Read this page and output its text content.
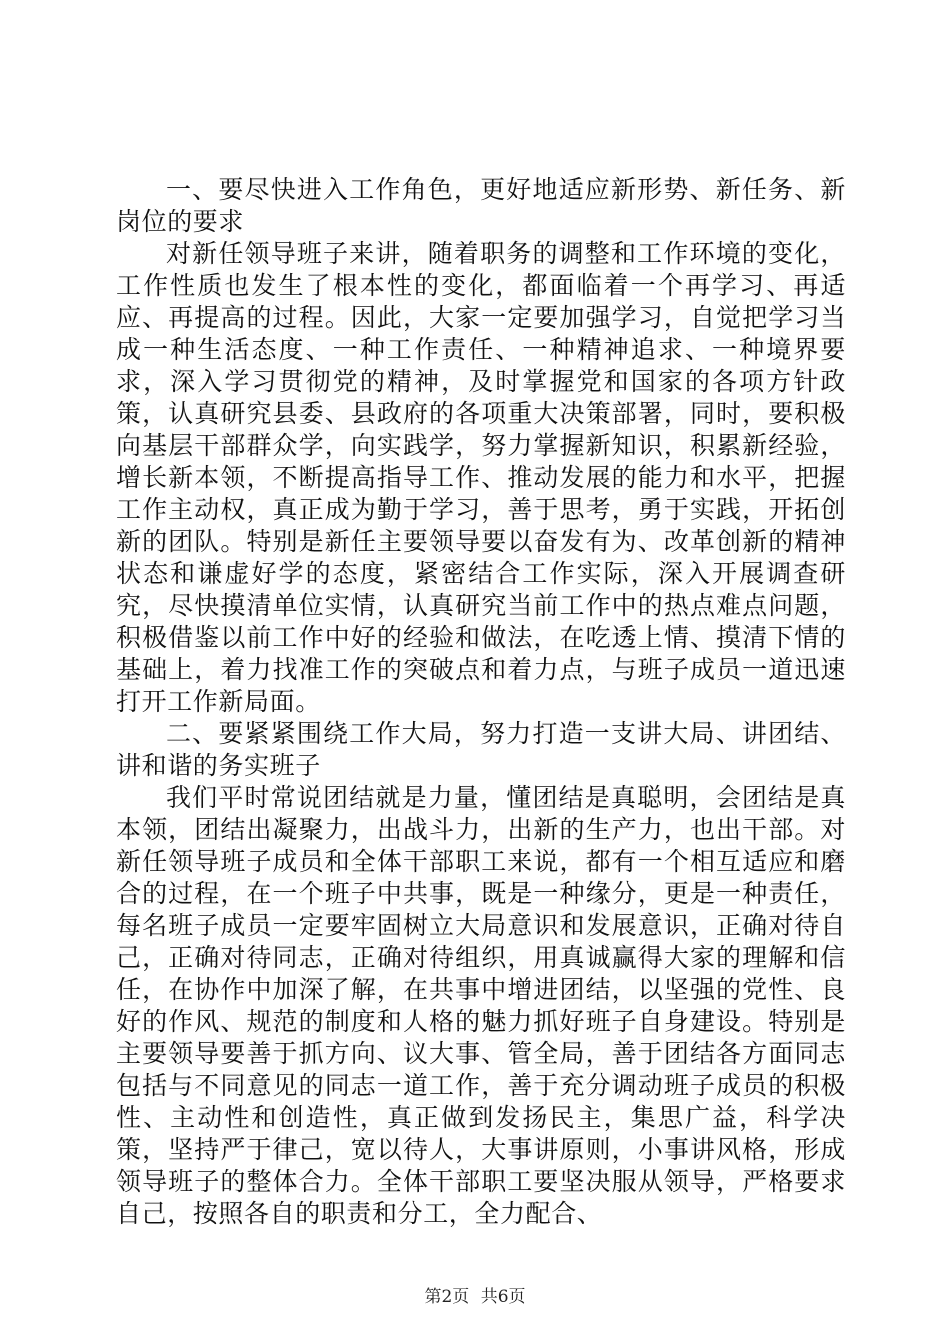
一、要尽快进入工作角色，更好地适应新形势、新任务、新岗位的要求

对新任领导班子来讲，随着职务的调整和工作环境的变化，工作性质也发生了根本性的变化，都面临着一个再学习、再适应、再提高的过程。因此，大家一定要加强学习，自觉把学习当成一种生活态度、一种工作责任、一种精神追求、一种境界要求，深入学习贯彻党的精神，及时掌握党和国家的各项方针政策，认真研究县委、县政府的各项重大决策部署，同时，要积极向基层干部群众学，向实践学，努力掌握新知识，积累新经验，增长新本领，不断提高指导工作、推动发展的能力和水平，把握工作主动权，真正成为勤于学习，善于思考，勇于实践，开拓创新的团队。特别是新任主要领导要以奋发有为、改革创新的精神状态和谦虚好学的态度，紧密结合工作实际，深入开展调查研究，尽快摸清单位实情，认真研究当前工作中的热点难点问题，积极借鉴以前工作中好的经验和做法，在吃透上情、摸清下情的基础上，着力找准工作的突破点和着力点，与班子成员一道迅速打开工作新局面。

二、要紧紧围绕工作大局，努力打造一支讲大局、讲团结、讲和谐的务实班子

我们平时常说团结就是力量，懂团结是真聪明，会团结是真本领，团结出凝聚力，出战斗力，出新的生产力，也出干部。对新任领导班子成员和全体干部职工来说，都有一个相互适应和磨合的过程，在一个班子中共事，既是一种缘分，更是一种责任，每名班子成员一定要牢固树立大局意识和发展意识，正确对待自己，正确对待同志，正确对待组织，用真诚赢得大家的理解和信任，在协作中加深了解，在共事中增进团结，以坚强的党性、良好的作风、规范的制度和人格的魅力抓好班子自身建设。特别是主要领导要善于抓方向、议大事、管全局，善于团结各方面同志包括与不同意见的同志一道工作，善于充分调动班子成员的积极性、主动性和创造性，真正做到发扬民主，集思广益，科学决策，坚持严于律己，宽以待人，大事讲原则，小事讲风格，形成领导班子的整体合力。全体干部职工要坚决服从领导，严格要求自己，按照各自的职责和分工，全力配合、

第2页 共6页
